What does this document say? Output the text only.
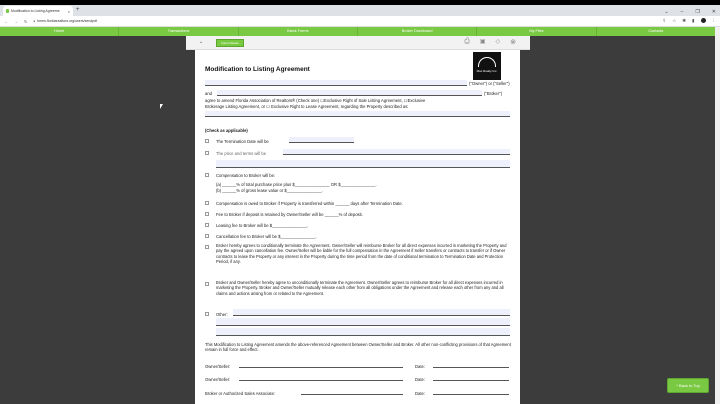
Modification to Listing Agreeme × +	⌄ – ❐ ✕
← → ↻ ● forms.floridarealtors.org/users/sendpdf	⇪ ☆ ✱ ▮	⋮
Home	Transactions	Blank Forms	Broker Dashboard	My Files	Contacts
⌄	Insert Clause	⎙ ▣ ◇ ⊗
Modification to Listing Agreement	Max Realty Inc.
("Owner") or ("Seller")
and	("Broker")
agree to amend Florida Association of Realtors® (Check one) ☐Exclusive Right of Sale Listing Agreement, ☐Exclusive
Brokerage Listing Agreement, or ☐ Exclusive Right to Lease Agreement, regarding the Property described as:
(Check as applicable)
The Termination Date will be
The price and terms will be
Compensation to Broker will be:
(a) ______% of total purchase price plus $_______________ OR $_______________.
(b) ______% of gross lease value or $_______________.
Compensation is owed to Broker if Property is transferred within ______ days after Termination Date.
Fee to Broker if deposit is retained by Owner/Seller will be ______% of deposit.
Leasing fee to Broker will be $_______________.
Cancellation fee to Broker will be $_______________.
Broker hereby agrees to conditionally terminate the Agreement. Owner/Seller will reimburse Broker for all direct expenses incurred in marketing the Property and pay the agreed upon cancellation fee. Owner/Seller will be liable for the full compensation in the Agreement if Seller transfers or contracts to transfer or if Owner contracts to lease the Property or any interest in the Property during the time period from the date of conditional termination to Termination Date and Protection Period, if any.
Broker and Owner/Seller hereby agree to unconditionally terminate the Agreement. Owner/Seller agrees to reimburse Broker for all direct expenses incurred in marketing the Property. Broker and Owner/Seller mutually release each other from all obligations under the Agreement and release each other from any and all claims and actions arising from or related to the Agreement.
Other:
This Modification to Listing Agreement amends the above-referenced Agreement between Owner/Seller and Broker. All other non-conflicting provisions of that Agreement remain in full force and effect.
Owner/Seller:	Date:
Owner/Seller:	Date:
Broker or Authorized Sales Associate:	Date:
^ Back to Top
